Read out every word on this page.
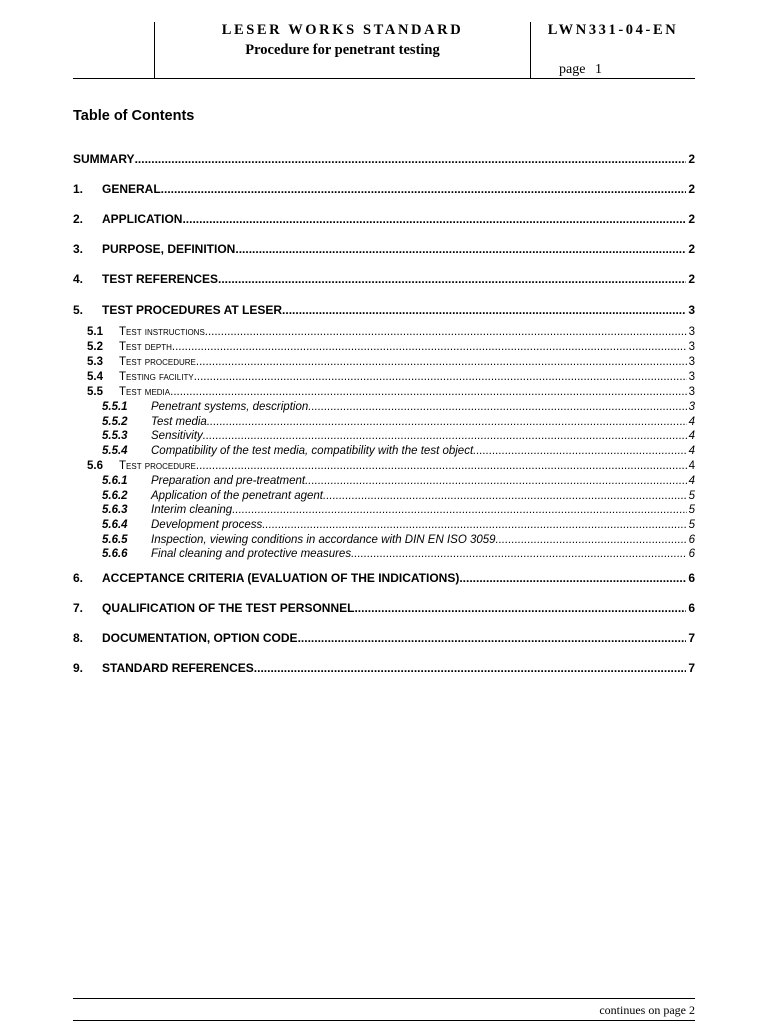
LESER WORKS STANDARD
Procedure for penetrant testing
LWN331-04-EN
page 1
Table of Contents
SUMMARY .....	2
1.	GENERAL .....	2
2.	APPLICATION .....	2
3.	PURPOSE, DEFINITION .....	2
4.	TEST REFERENCES .....	2
5.	TEST PROCEDURES AT LESER .....	3
5.1	Test instructions .....	3
5.2	Test depth .....	3
5.3	Test procedure .....	3
5.4	Testing facility .....	3
5.5	Test media .....	3
5.5.1	Penetrant systems, description .....	3
5.5.2	Test media .....	4
5.5.3	Sensitivity .....	4
5.5.4	Compatibility of the test media, compatibility with the test object .....	4
5.6	Test procedure .....	4
5.6.1	Preparation and pre-treatment .....	4
5.6.2	Application of the penetrant agent .....	5
5.6.3	Interim cleaning .....	5
5.6.4	Development process .....	5
5.6.5	Inspection, viewing conditions in accordance with DIN EN ISO 3059 .....	6
5.6.6	Final cleaning and protective measures .....	6
6.	ACCEPTANCE CRITERIA (EVALUATION OF THE INDICATIONS) .....	6
7.	QUALIFICATION OF THE TEST PERSONNEL .....	6
8.	DOCUMENTATION, OPTION CODE .....	7
9.	STANDARD REFERENCES .....	7
continues on page 2
